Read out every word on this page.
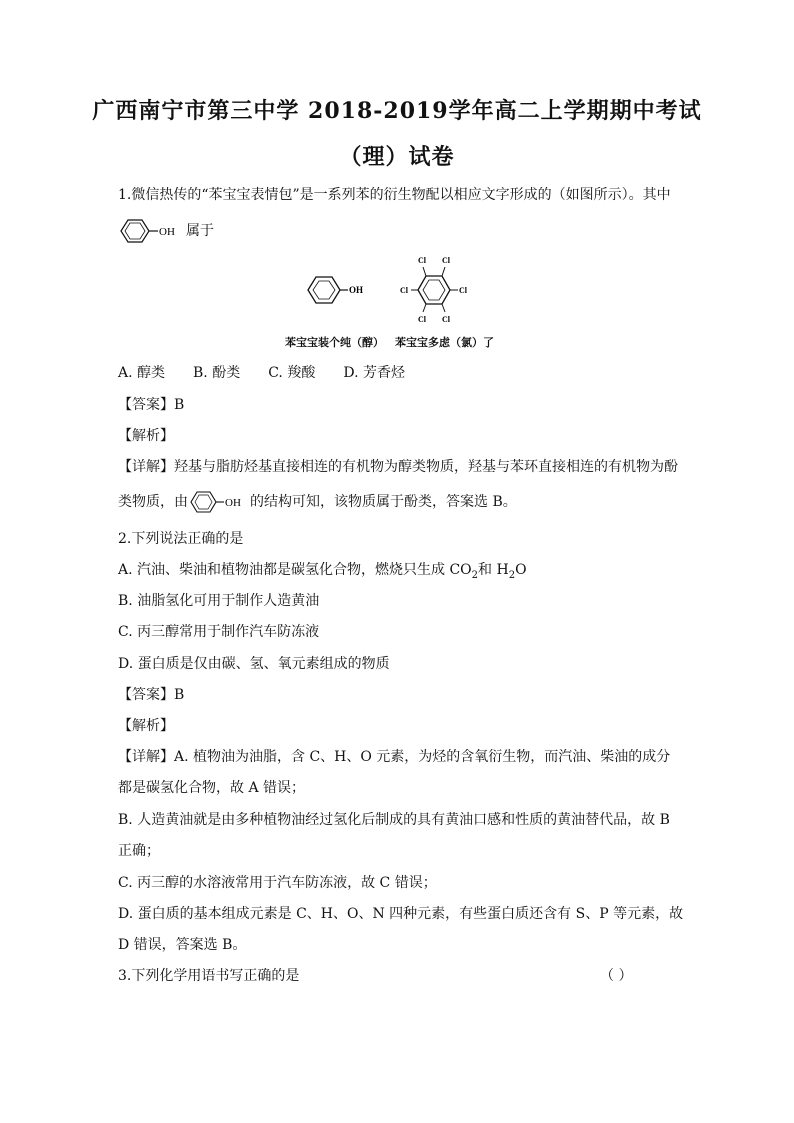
广西南宁市第三中学 2018-2019学年高二上学期期中考试
（理）试卷
1.微信热传的“苯宝宝表情包”是一系列苯的衍生物配以相应文字形成的（如图所示）。其中
OH 属于
OH
Cl Cl
Cl
Cl
Cl
Cl
苯宝宝装个纯（醇） 苯宝宝多虑（氯）了
A. 醇类 B. 酚类 C. 羧酸 D. 芳香烃
【答案】B
【解析】
【详解】羟基与脂肪烃基直接相连的有机物为醇类物质，羟基与苯环直接相连的有机物为酚
类物质，由	OH 的结构可知，该物质属于酚类，答案选 B。
2.下列说法正确的是
A. 汽油、柴油和植物油都是碳氢化合物，燃烧只生成 $CO_2$和 $H_2O$
B. 油脂氢化可用于制作人造黄油
C. 丙三醇常用于制作汽车防冻液
D. 蛋白质是仅由碳、氢、氧元素组成的物质
【答案】B
【解析】
【详解】A. 植物油为油脂，含 C、H、O 元素，为烃的含氧衍生物，而汽油、柴油的成分
都是碳氢化合物，故 A 错误；
B. 人造黄油就是由多种植物油经过氢化后制成的具有黄油口感和性质的黄油替代品，故 B
正确；
C. 丙三醇的水溶液常用于汽车防冻液，故 C 错误；
D. 蛋白质的基本组成元素是 C、H、O、N 四种元素，有些蛋白质还含有 S、P 等元素，故
D 错误，答案选 B。
3.下列化学用语书写正确的是	（ ）
